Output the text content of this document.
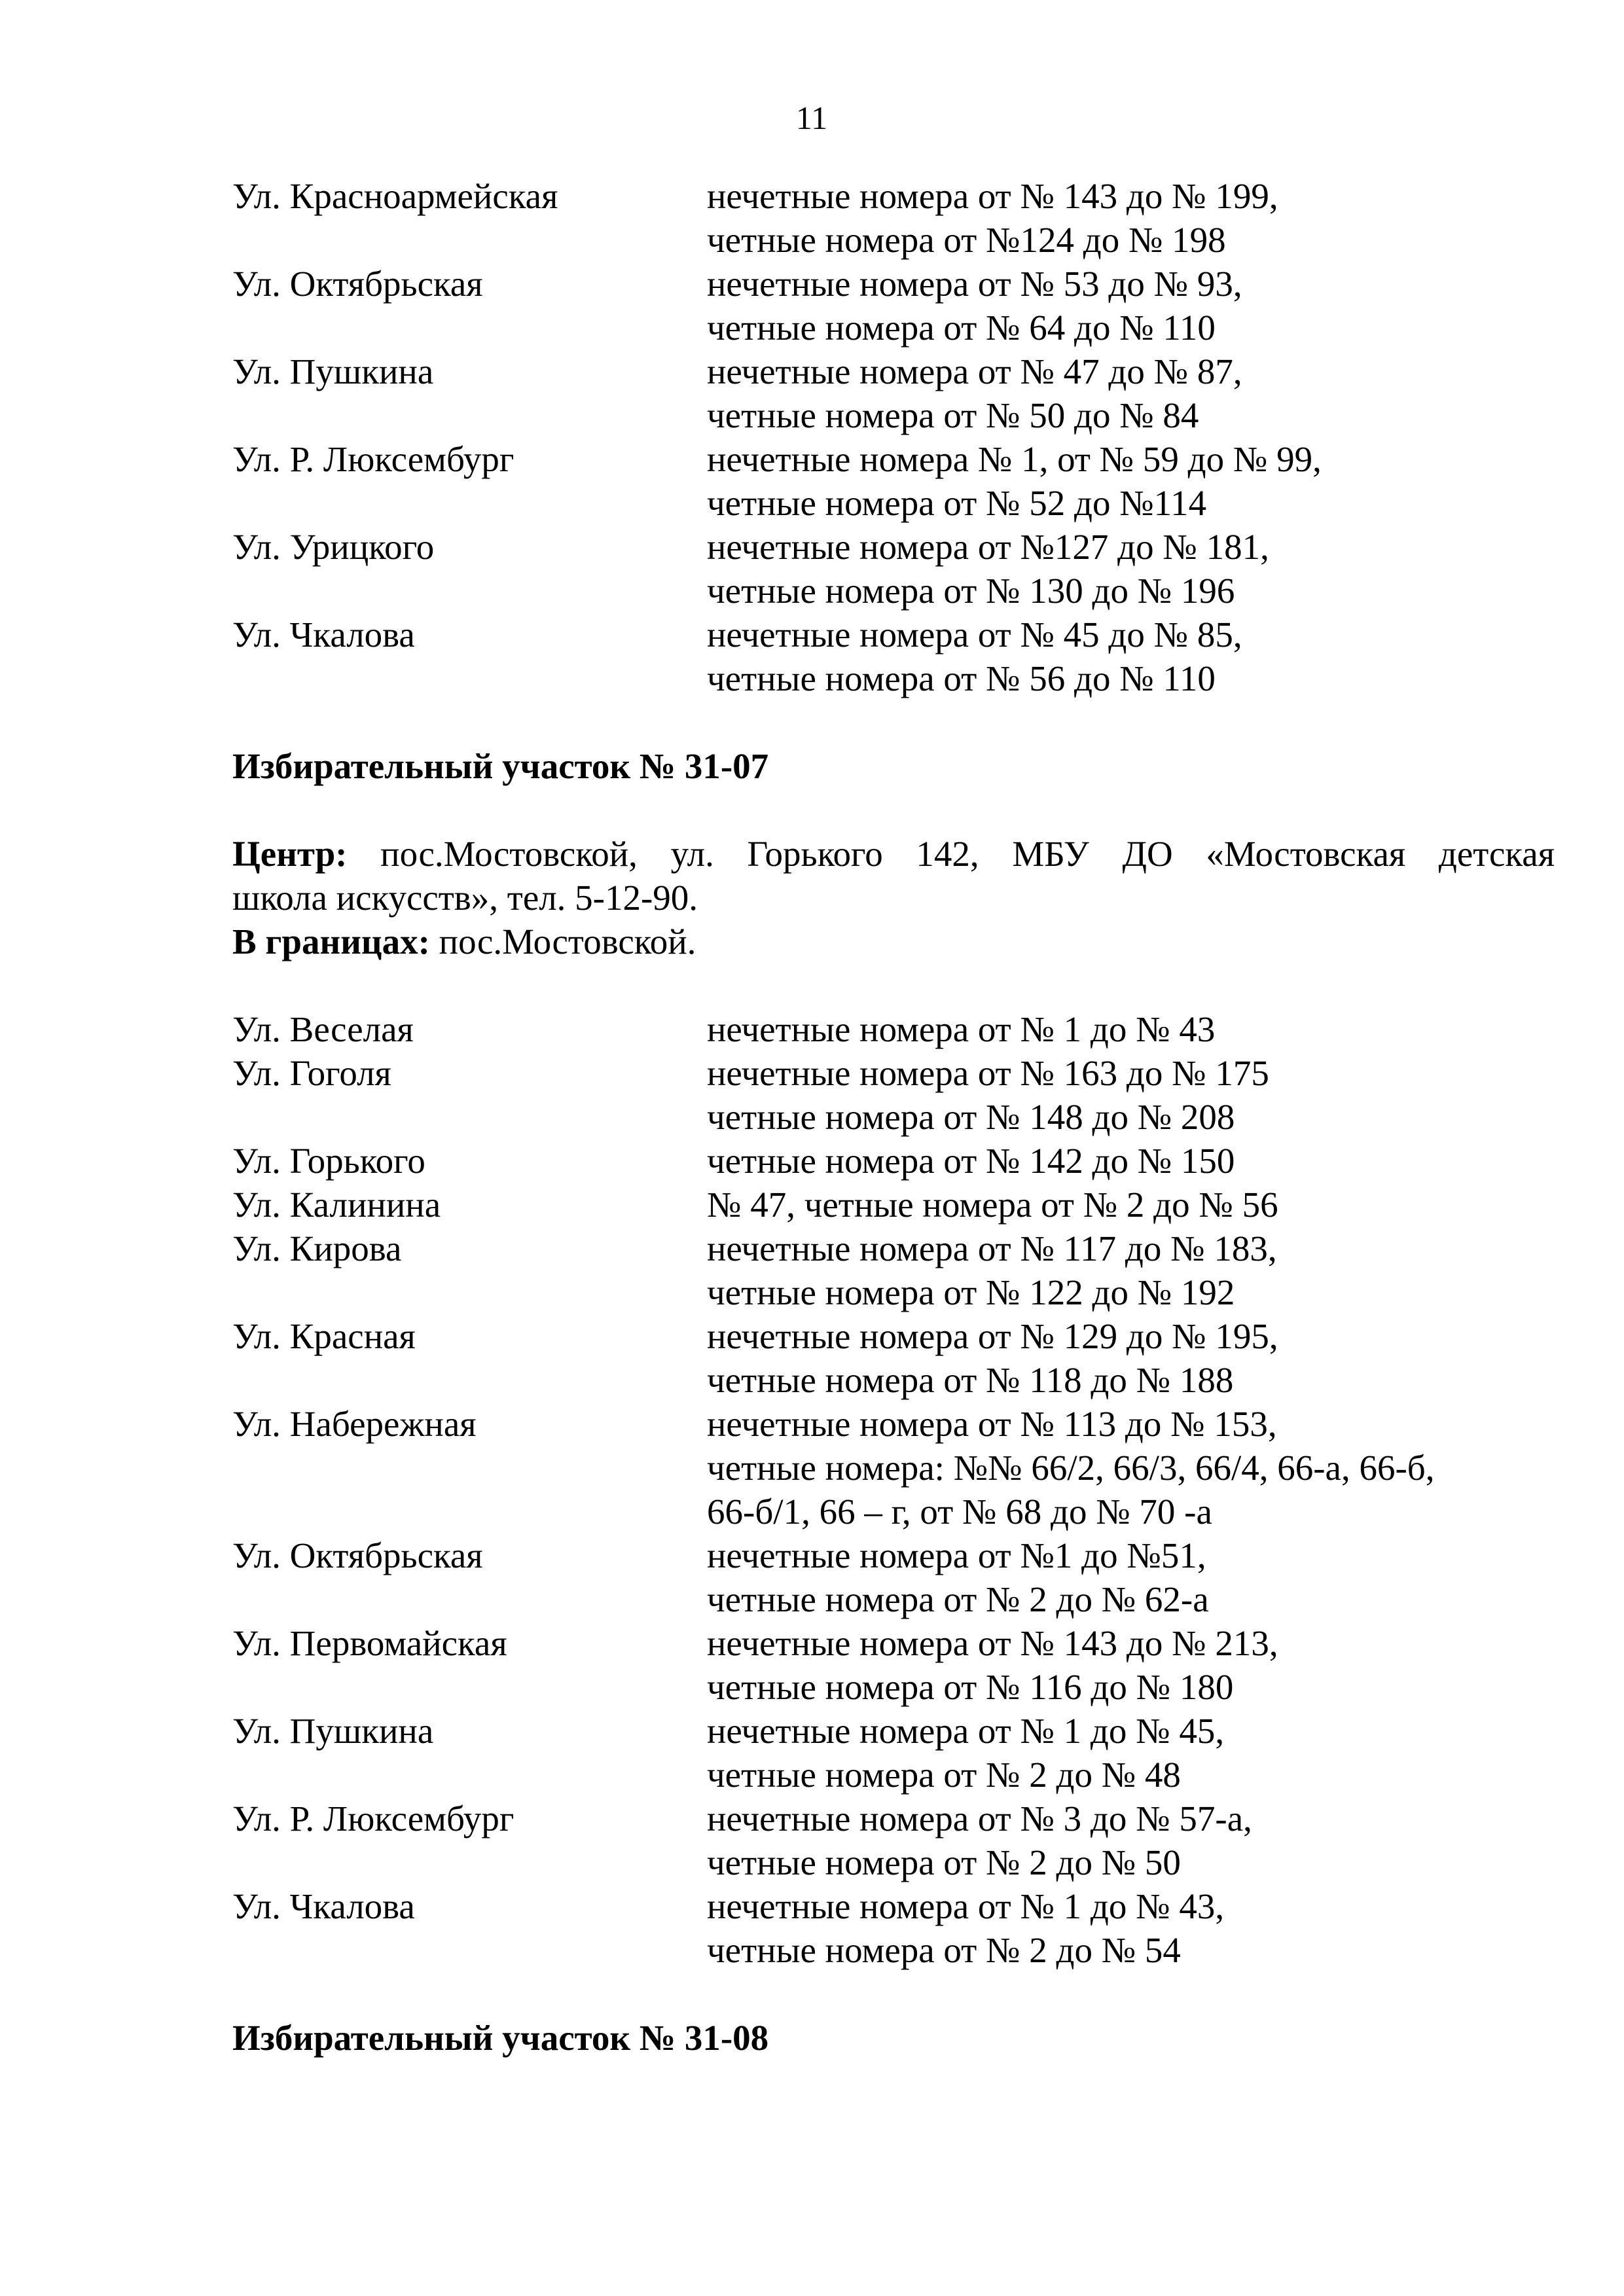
11
Ул. Красноармейская	нечетные номера от № 143 до № 199,
четные номера от №124 до № 198
Ул. Октябрьская	нечетные номера от № 53 до № 93,
четные номера от № 64 до № 110
Ул. Пушкина	нечетные номера от № 47 до № 87,
четные номера от № 50 до № 84
Ул. Р. Люксембург	нечетные номера № 1, от № 59 до № 99,
четные номера от № 52 до №114
Ул. Урицкого	нечетные номера от №127 до № 181,
четные номера от № 130 до № 196
Ул. Чкалова	нечетные номера от № 45 до № 85,
четные номера от № 56 до № 110
Избирательный участок № 31-07
Центр: пос.Мостовской, ул. Горького 142, МБУ ДО «Мостовская детская
школа искусств», тел. 5-12-90.
В границах: пос.Мостовской.
Ул. Веселая	нечетные номера от № 1 до № 43
Ул. Гоголя	нечетные номера от № 163 до № 175
четные номера от № 148 до № 208
Ул. Горького	четные номера от № 142 до № 150
Ул. Калинина	№ 47, четные номера от № 2 до № 56
Ул. Кирова	нечетные номера от № 117 до № 183,
четные номера от № 122 до № 192
Ул. Красная	нечетные номера от № 129 до № 195,
четные номера от № 118 до № 188
Ул. Набережная	нечетные номера от № 113 до № 153,
четные номера: №№ 66/2, 66/3, 66/4, 66-а, 66-б,
66-б/1, 66 – г, от № 68 до № 70 -а
Ул. Октябрьская	нечетные номера от №1 до №51,
четные номера от № 2 до № 62-а
Ул. Первомайская	нечетные номера от № 143 до № 213,
четные номера от № 116 до № 180
Ул. Пушкина	нечетные номера от № 1 до № 45,
четные номера от № 2 до № 48
Ул. Р. Люксембург	нечетные номера от № 3 до № 57-а,
четные номера от № 2 до № 50
Ул. Чкалова	нечетные номера от № 1 до № 43,
четные номера от № 2 до № 54
Избирательный участок № 31-08
